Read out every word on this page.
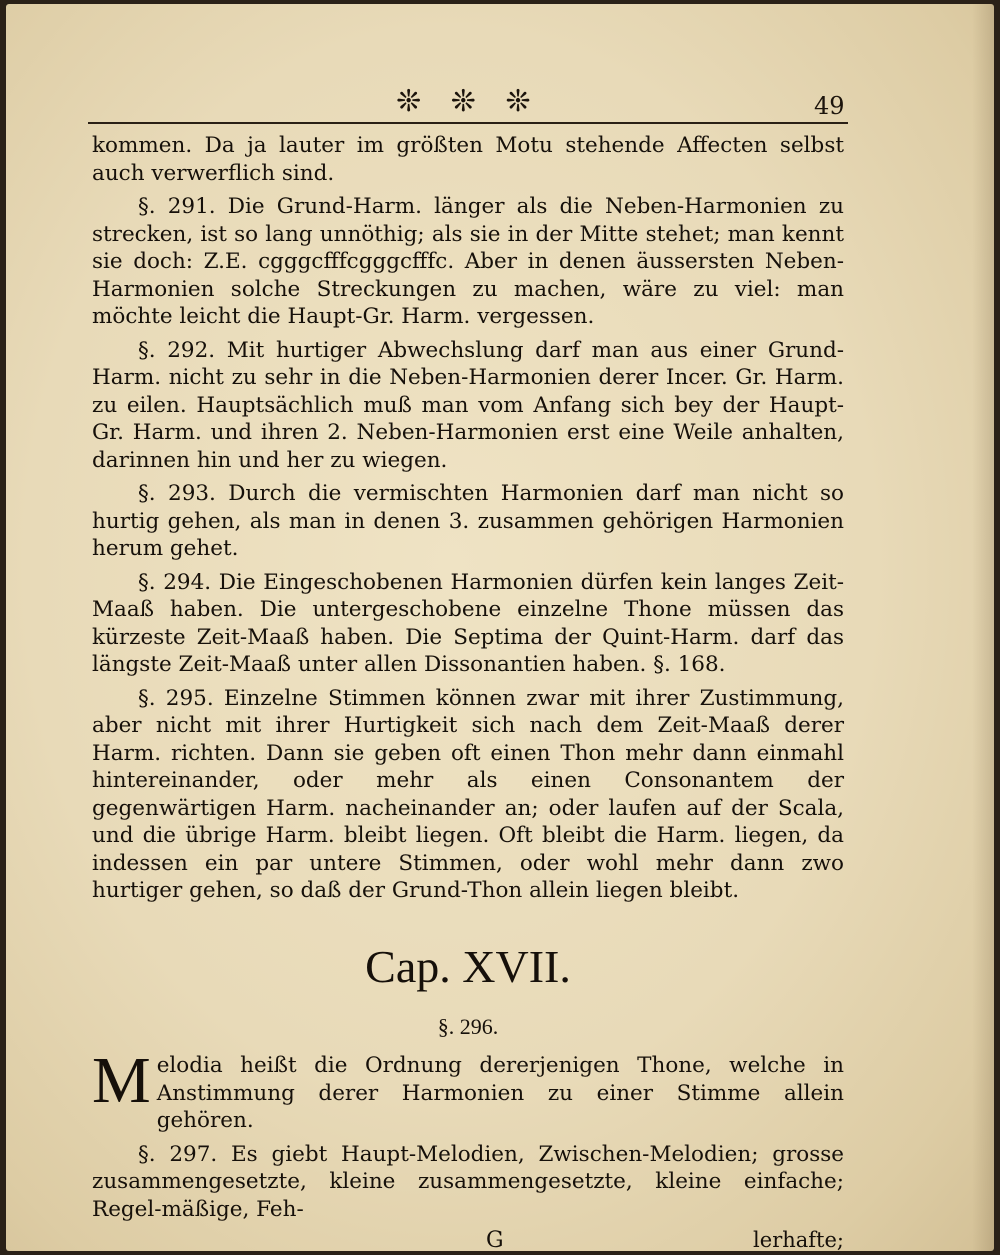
❊ ❊ ❊	49

kommen. Da ja lauter im größten Motu stehende Affecten selbst auch verwerflich sind.

§. 291. Die Grund-Harm. länger als die Neben-Harmonien zu strecken, ist so lang unnöthig; als sie in der Mitte stehet; man kennt sie doch: Z.E. cgggcfffcgggcfffc. Aber in denen äussersten Neben-Harmonien solche Streckungen zu machen, wäre zu viel: man möchte leicht die Haupt-Gr. Harm. vergessen.

§. 292. Mit hurtiger Abwechslung darf man aus einer Grund-Harm. nicht zu sehr in die Neben-Harmonien derer Incer. Gr. Harm. zu eilen. Hauptsächlich muß man vom Anfang sich bey der Haupt-Gr. Harm. und ihren 2. Neben-Harmonien erst eine Weile anhalten, darinnen hin und her zu wiegen.

§. 293. Durch die vermischten Harmonien darf man nicht so hurtig gehen, als man in denen 3. zusammen gehörigen Harmonien herum gehet.

§. 294. Die Eingeschobenen Harmonien dürfen kein langes Zeit-Maaß haben. Die untergeschobene einzelne Thone müssen das kürzeste Zeit-Maaß haben. Die Septima der Quint-Harm. darf das längste Zeit-Maaß unter allen Dissonantien haben. §. 168.

§. 295. Einzelne Stimmen können zwar mit ihrer Zustimmung, aber nicht mit ihrer Hurtigkeit sich nach dem Zeit-Maaß derer Harm. richten. Dann sie geben oft einen Thon mehr dann einmahl hintereinander, oder mehr als einen Consonantem der gegenwärtigen Harm. nacheinander an; oder laufen auf der Scala, und die übrige Harm. bleibt liegen. Oft bleibt die Harm. liegen, da indessen ein par untere Stimmen, oder wohl mehr dann zwo hurtiger gehen, so daß der Grund-Thon allein liegen bleibt.

Cap. XVII.
§. 296.

Melodia heißt die Ordnung dererjenigen Thone, welche in Anstimmung derer Harmonien zu einer Stimme allein gehören.

§. 297. Es giebt Haupt-Melodien, Zwischen-Melodien; grosse zusammengesetzte, kleine zusammengesetzte, kleine einfache; Regel-mäßige, Feh-

G	lerhafte;
